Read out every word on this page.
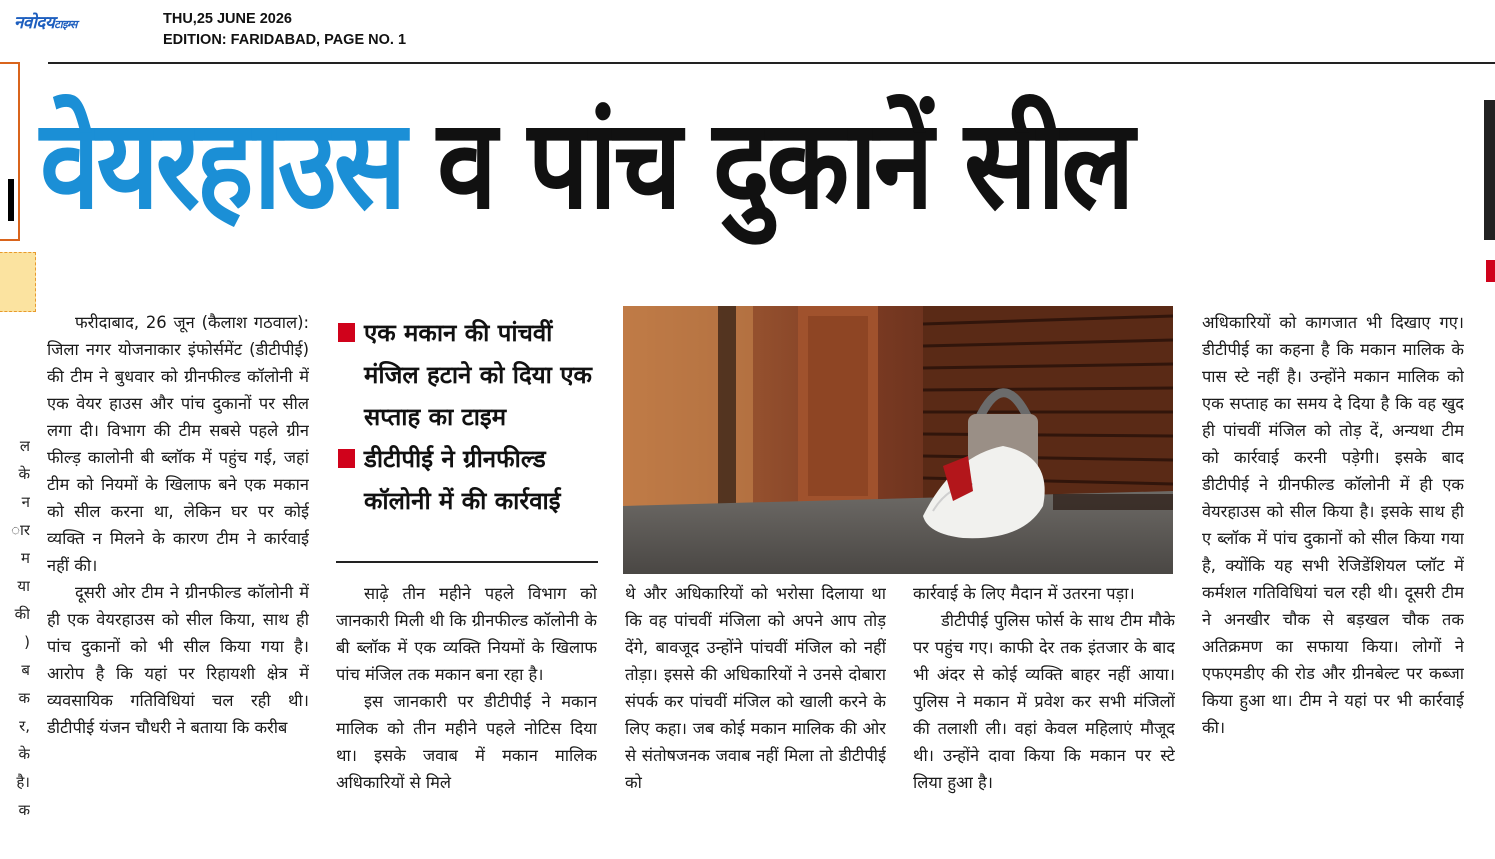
नवोदयटाइम्स	THU,25 JUNE 2026
EDITION: FARIDABAD, PAGE NO. 1
ल
के
न
ार
म
या
की
)
ब
क
र,
के
है।
क
वेयरहाउस व पांच दुकानें सील

फरीदाबाद, 26 जून (कैलाश गठवाल): जिला नगर योजनाकार इंफोर्समेंट (डीटीपीई) की टीम ने बुधवार को ग्रीनफील्ड कॉलोनी में एक वेयर हाउस और पांच दुकानों पर सील लगा दी। विभाग की टीम सबसे पहले ग्रीन फील्ड़ कालोनी बी ब्लॉक में पहुंच गई, जहां टीम को नियमों के खिलाफ बने एक मकान को सील करना था, लेकिन घर पर कोई व्यक्ति न मिलने के कारण टीम ने कार्रवाई नहीं की।

दूसरी ओर टीम ने ग्रीनफील्ड कॉलोनी में ही एक वेयरहाउस को सील किया, साथ ही पांच दुकानों को भी सील किया गया है। आरोप है कि यहां पर रिहायशी क्षेत्र में व्यवसायिक गतिविधियां चल रही थी। डीटीपीई यंजन चौधरी ने बताया कि करीब

एक मकान की पांचवीं मंजिल हटाने को दिया एक सप्ताह का टाइम
डीटीपीई ने ग्रीनफील्ड कॉलोनी में की कार्रवाई

साढ़े तीन महीने पहले विभाग को जानकारी मिली थी कि ग्रीनफील्ड कॉलोनी के बी ब्लॉक में एक व्यक्ति नियमों के खिलाफ पांच मंजिल तक मकान बना रहा है।

इस जानकारी पर डीटीपीई ने मकान मालिक को तीन महीने पहले नोटिस दिया था। इसके जवाब में मकान मालिक अधिकारियों से मिले

थे और अधिकारियों को भरोसा दिलाया था कि वह पांचवीं मंजिला को अपने आप तोड़ देंगे, बावजूद उन्होंने पांचवीं मंजिल को नहीं तोड़ा। इससे की अधिकारियों ने उनसे दोबारा संपर्क कर पांचवीं मंजिल को खाली करने के लिए कहा। जब कोई मकान मालिक की ओर से संतोषजनक जवाब नहीं मिला तो डीटीपीई को

कार्रवाई के लिए मैदान में उतरना पड़ा।

डीटीपीई पुलिस फोर्स के साथ टीम मौके पर पहुंच गए। काफी देर तक इंतजार के बाद भी अंदर से कोई व्यक्ति बाहर नहीं आया। पुलिस ने मकान में प्रवेश कर सभी मंजिलों की तलाशी ली। वहां केवल महिलाएं मौजूद थी। उन्होंने दावा किया कि मकान पर स्टे लिया हुआ है।

अधिकारियों को कागजात भी दिखाए गए। डीटीपीई का कहना है कि मकान मालिक के पास स्टे नहीं है। उन्होंने मकान मालिक को एक सप्ताह का समय दे दिया है कि वह खुद ही पांचवीं मंजिल को तोड़ दें, अन्यथा टीम को कार्रवाई करनी पड़ेगी। इसके बाद डीटीपीई ने ग्रीनफील्ड कॉलोनी में ही एक वेयरहाउस को सील किया है। इसके साथ ही ए ब्लॉक में पांच दुकानों को सील किया गया है, क्योंकि यह सभी रेजिडेंशियल प्लॉट में कर्मशल गतिविधियां चल रही थी। दूसरी टीम ने अनखीर चौक से बड़खल चौक तक अतिक्रमण का सफाया किया। लोगों ने एफएमडीए की रोड और ग्रीनबेल्ट पर कब्जा किया हुआ था। टीम ने यहां पर भी कार्रवाई की।
